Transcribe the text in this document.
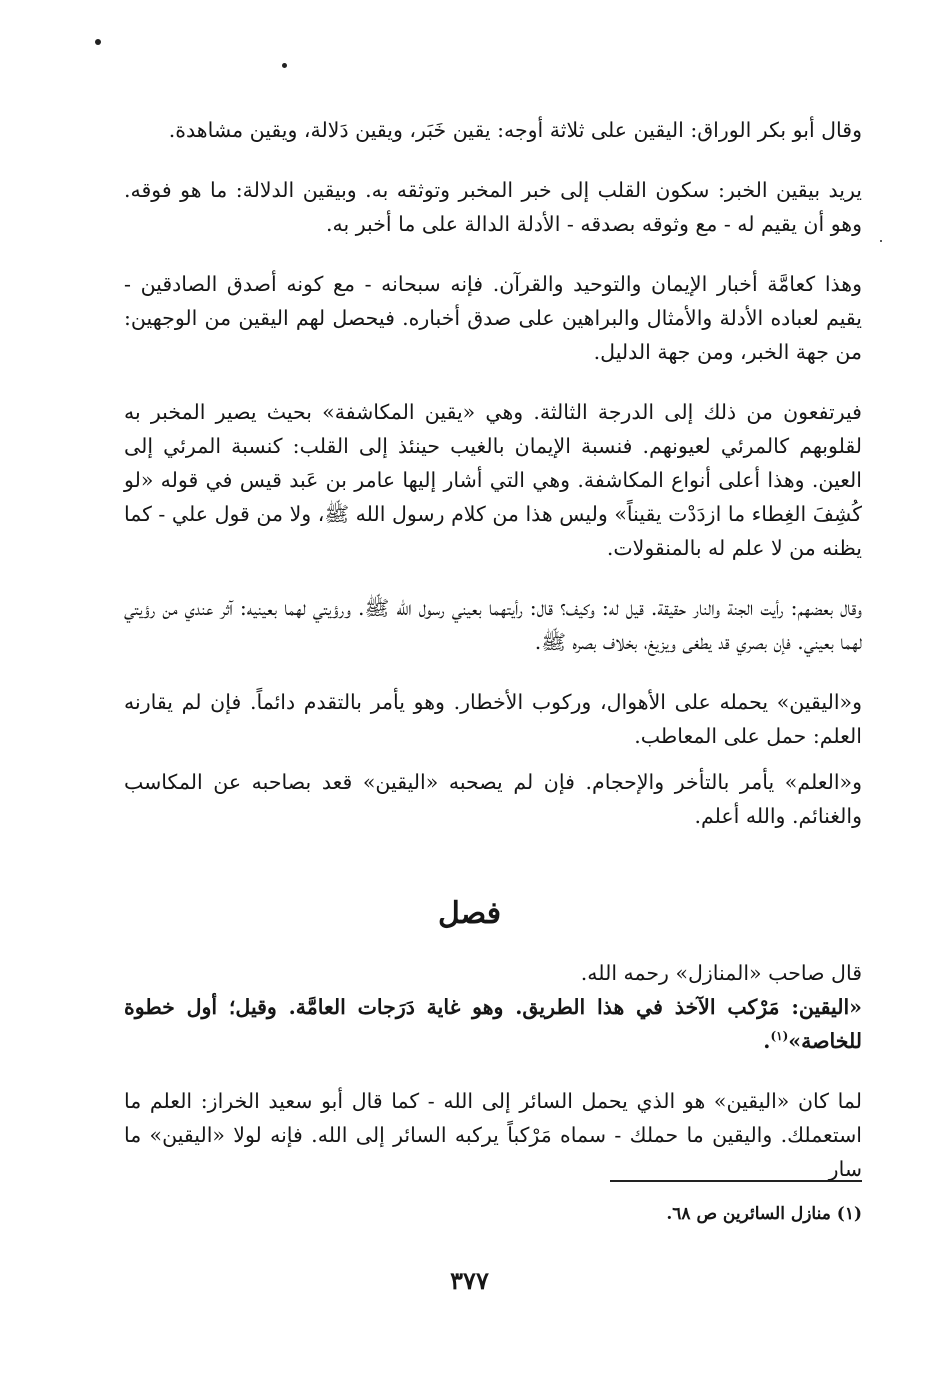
وقال أبو بكر الوراق: اليقين على ثلاثة أوجه: يقين خَبَر، ويقين دَلالة، ويقين مشاهدة.

يريد بيقين الخبر: سكون القلب إلى خبر المخبر وتوثقه به. وبيقين الدلالة: ما هو فوقه. وهو أن يقيم له - مع وثوقه بصدقه - الأدلة الدالة على ما أخبر به.

وهذا كعامَّة أخبار الإيمان والتوحيد والقرآن. فإنه سبحانه - مع كونه أصدق الصادقين - يقيم لعباده الأدلة والأمثال والبراهين على صدق أخباره. فيحصل لهم اليقين من الوجهين: من جهة الخبر، ومن جهة الدليل.

فيرتفعون من ذلك إلى الدرجة الثالثة. وهي «يقين المكاشفة» بحيث يصير المخبر به لقلوبهم كالمرئي لعيونهم. فنسبة الإيمان بالغيب حينئذ إلى القلب: كنسبة المرئي إلى العين. وهذا أعلى أنواع المكاشفة. وهي التي أشار إليها عامر بن عَبد قيس في قوله «لو كُشِفَ الغِطاء ما ازدَدْت يقيناً» وليس هذا من كلام رسول الله ﷺ، ولا من قول علي - كما يظنه من لا علم له بالمنقولات.

وقال بعضهم: رأيت الجنة والنار حقيقة. قيل له: وكيف؟ قال: رأيتهما بعيني رسول الله ﷺ. ورؤيتي لهما بعينيه: آثر عندي من رؤيتي لهما بعيني. فإن بصري قد يطغى ويزيغ، بخلاف بصره ﷺ.

و«اليقين» يحمله على الأهوال، وركوب الأخطار. وهو يأمر بالتقدم دائماً. فإن لم يقارنه العلم: حمل على المعاطب.

و«العلم» يأمر بالتأخر والإحجام. فإن لم يصحبه «اليقين» قعد بصاحبه عن المكاسب والغنائم. والله أعلم.

فصل

قال صاحب «المنازل» رحمه الله.

«اليقين: مَرْكب الآخذ في هذا الطريق. وهو غاية دَرَجات العامَّة. وقيل؛ أول خطوة للخاصة»$^{(١)}$.

لما كان «اليقين» هو الذي يحمل السائر إلى الله - كما قال أبو سعيد الخراز: العلم ما استعملك. واليقين ما حملك - سماه مَرْكباً يركبه السائر إلى الله. فإنه لولا «اليقين» ما سار

(١) منازل السائرين ص ٦٨.
٣٧٧
